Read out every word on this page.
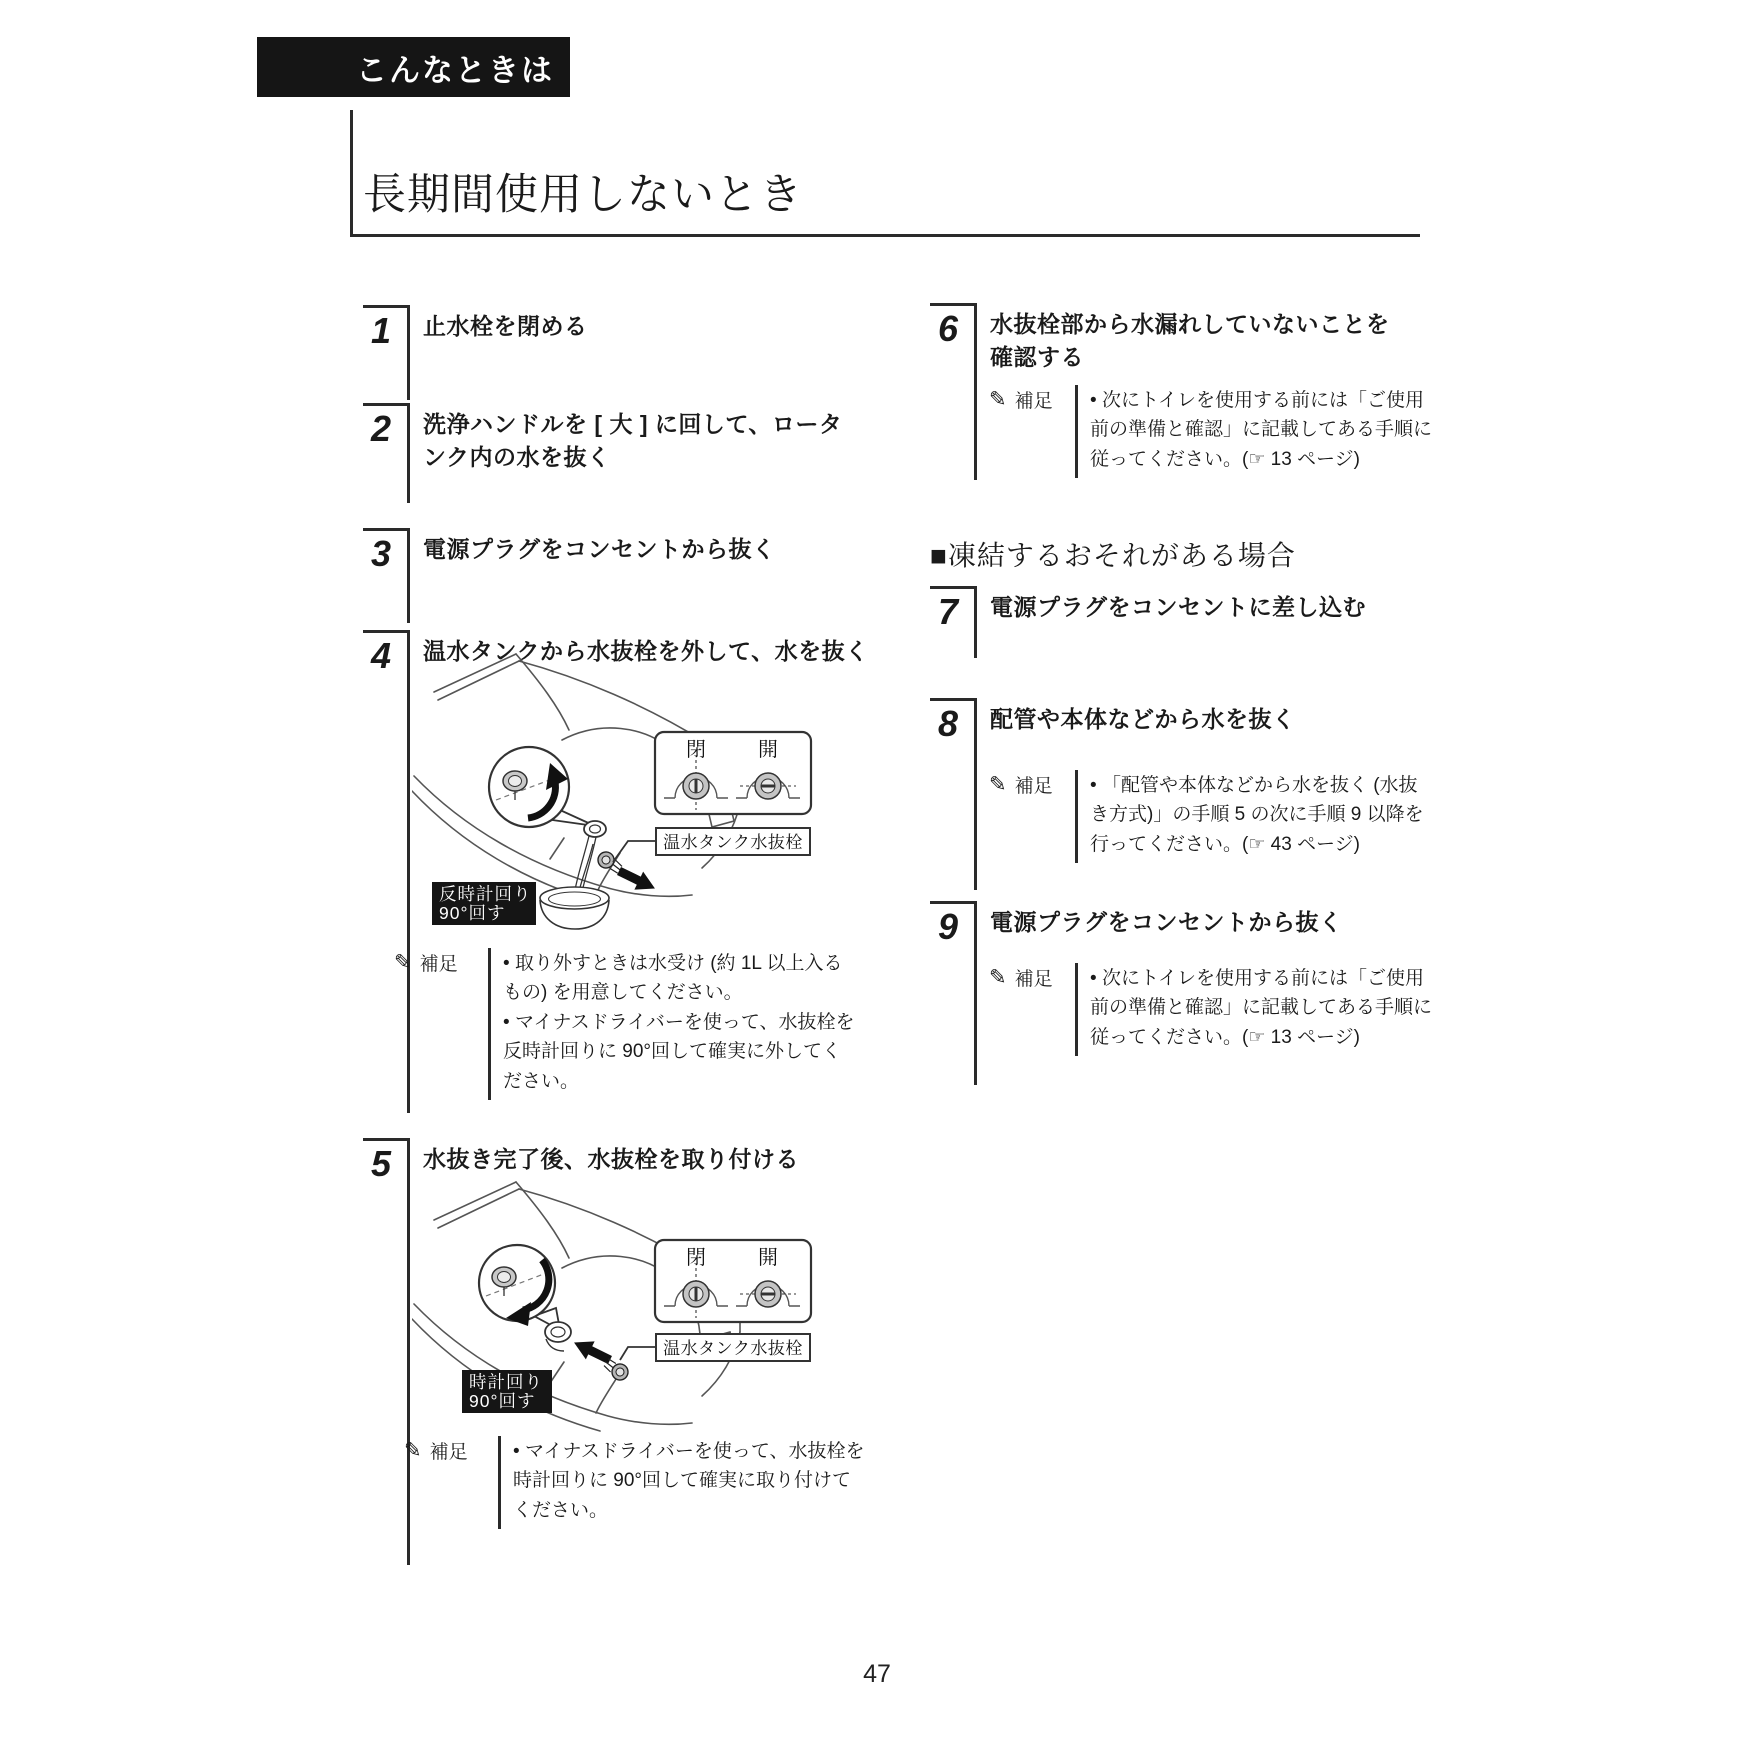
こんなときは
長期間使用しないとき
1	止水栓を閉める
2	洗浄ハンドルを [ 大 ] に回して、ロータンク内の水を抜く
3	電源プラグをコンセントから抜く
4	温水タンクから水抜栓を外して、水を抜く
閉	開
温水タンク水抜栓
反時計回り
90°回す
✎ 補足	• 取り外すときは水受け (約 1L 以上入るもの) を用意してください。
• マイナスドライバーを使って、水抜栓を反時計回りに 90°回して確実に外してください。
5	水抜き完了後、水抜栓を取り付ける
閉	開
温水タンク水抜栓
時計回り
90°回す
✎ 補足	• マイナスドライバーを使って、水抜栓を時計回りに 90°回して確実に取り付けてください。
6	水抜栓部から水漏れしていないことを確認する
✎ 補足	• 次にトイレを使用する前には「ご使用前の準備と確認」に記載してある手順に従ってください。(☞ 13 ページ)
■凍結するおそれがある場合
7	電源プラグをコンセントに差し込む
8	配管や本体などから水を抜く
✎ 補足	• 「配管や本体などから水を抜く (水抜き方式)」の手順 5 の次に手順 9 以降を行ってください。(☞ 43 ページ)
9	電源プラグをコンセントから抜く
✎ 補足	• 次にトイレを使用する前には「ご使用前の準備と確認」に記載してある手順に従ってください。(☞ 13 ページ)
47
